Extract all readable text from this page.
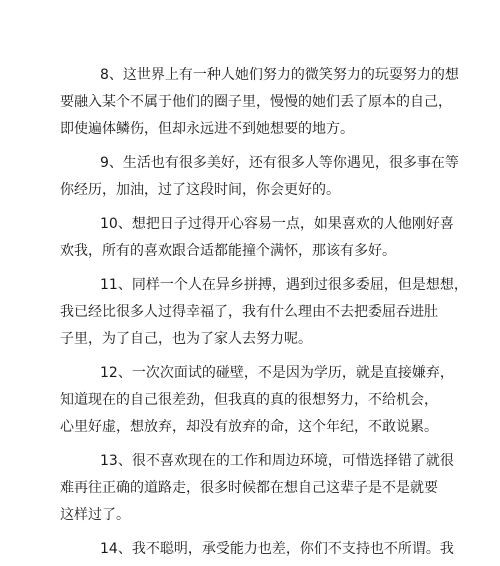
8、这世界上有一种人她们努力的微笑努力的玩耍努力的想
要融入某个不属于他们的圈子里，慢慢的她们丢了原本的自己，
即使遍体鳞伤，但却永远进不到她想要的地方。

9、生活也有很多美好，还有很多人等你遇见，很多事在等
你经历，加油，过了这段时间，你会更好的。

10、想把日子过得开心容易一点，如果喜欢的人他刚好喜
欢我，所有的喜欢跟合适都能撞个满怀，那该有多好。

11、同样一个人在异乡拼搏，遇到过很多委屈，但是想想，
我已经比很多人过得幸福了，我有什么理由不去把委屈吞进肚
子里，为了自己，也为了家人去努力呢。

12、一次次面试的碰壁，不是因为学历，就是直接嫌弃，
知道现在的自己很差劲，但我真的真的很想努力，不给机会，
心里好虚，想放弃，却没有放弃的命，这个年纪，不敢说累。

13、很不喜欢现在的工作和周边环境，可惜选择错了就很
难再往正确的道路走，很多时候都在想自己这辈子是不是就要
这样过了。

14、我不聪明，承受能力也差，你们不支持也不所谓。我
